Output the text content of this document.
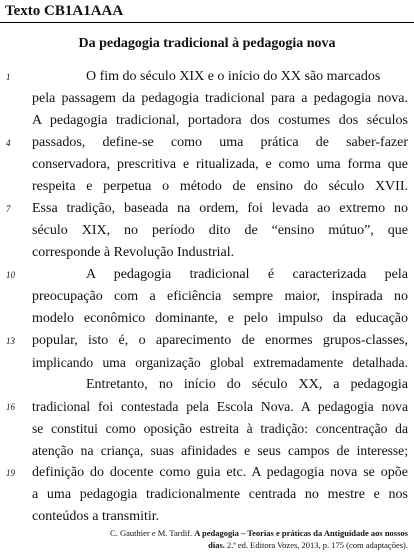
Texto CB1A1AAA
Da pedagogia tradicional à pedagogia nova
O fim do século XIX e o início do XX são marcados
pela passagem da pedagogia tradicional para a pedagogia nova.
A pedagogia tradicional, portadora dos costumes dos séculos
passados, define-se como uma prática de saber-fazer
conservadora, prescritiva e ritualizada, e como uma forma que
respeita e perpetua o método de ensino do século XVII.
Essa tradição, baseada na ordem, foi levada ao extremo no
século XIX, no período dito de “ensino mútuo”, que
corresponde à Revolução Industrial.
A pedagogia tradicional é caracterizada pela
preocupação com a eficiência sempre maior, inspirada no
modelo econômico dominante, e pelo impulso da educação
popular, isto é, o aparecimento de enormes grupos-classes,
implicando uma organização global extremadamente detalhada.
Entretanto, no início do século XX, a pedagogia
tradicional foi contestada pela Escola Nova. A pedagogia nova
se constitui como oposição estreita à tradição: concentração da
atenção na criança, suas afinidades e seus campos de interesse;
definição do docente como guia etc. A pedagogia nova se opõe
a uma pedagogia tradicionalmente centrada no mestre e nos
conteúdos a transmitir.
1
4
7
10
13
16
19
C. Gauthier e M. Tardif. A pedagogia – Teorias e práticas da Antiguidade aos nossos dias. 2.ª ed. Editora Vozes, 2013, p. 175 (com adaptações).
